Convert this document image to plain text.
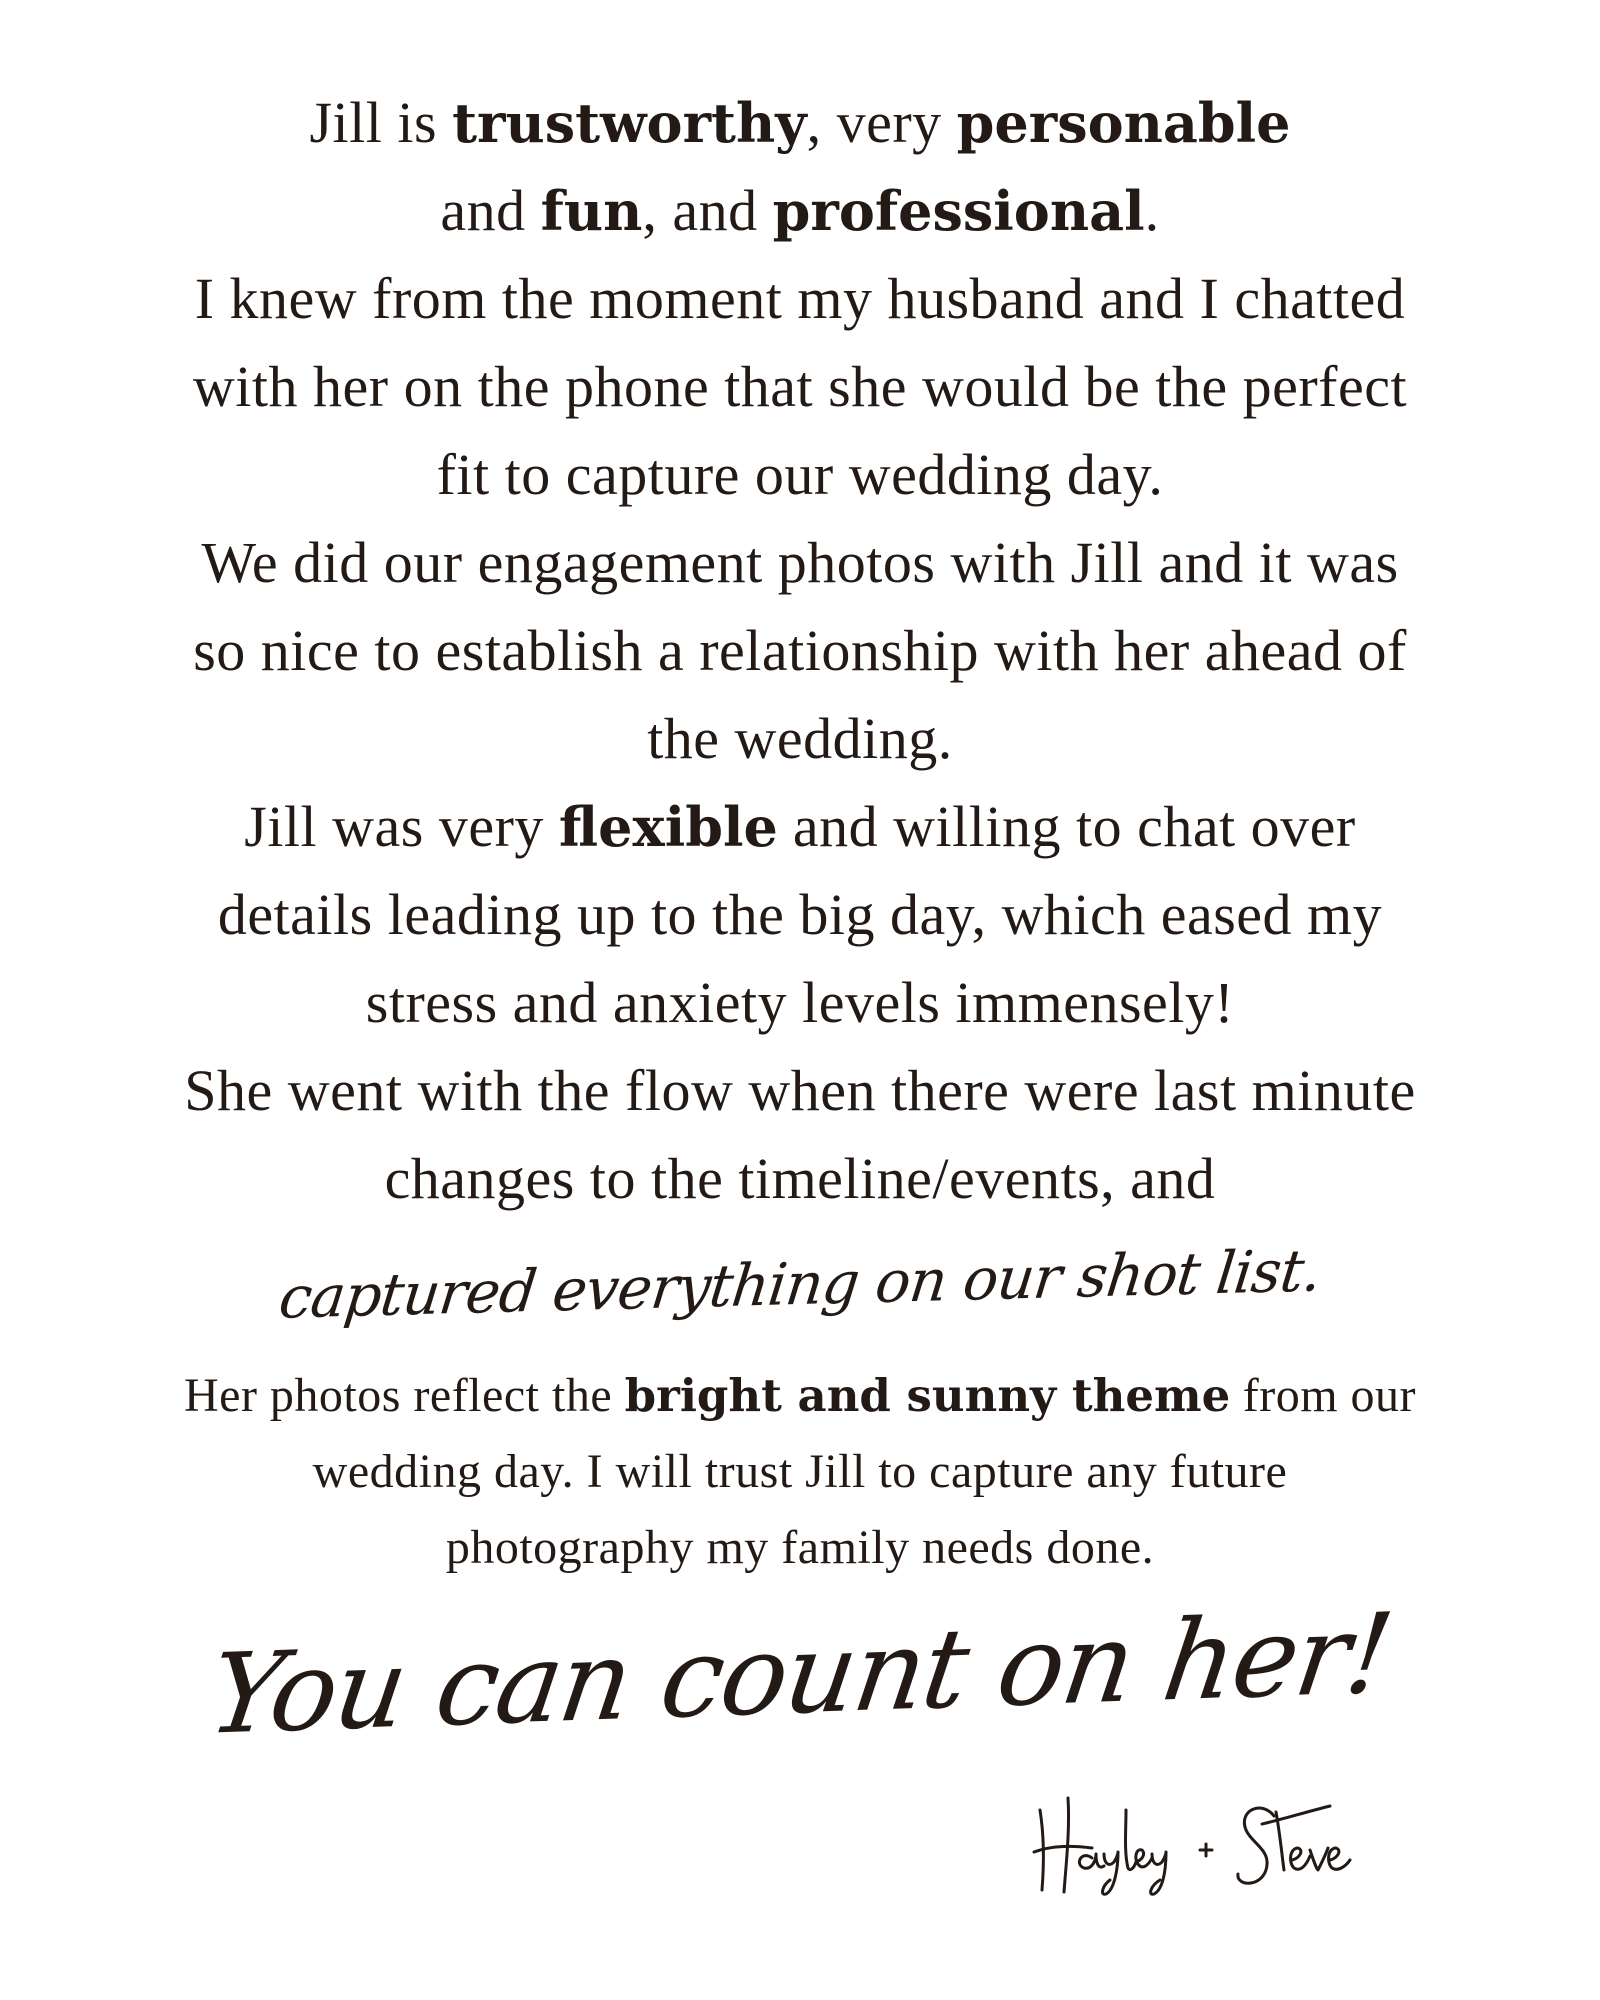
Jill is trustworthy, very personable
and fun, and professional.
I knew from the moment my husband and I chatted
with her on the phone that she would be the perfect
fit to capture our wedding day.
We did our engagement photos with Jill and it was
so nice to establish a relationship with her ahead of
the wedding.
Jill was very flexible and willing to chat over
details leading up to the big day, which eased my
stress and anxiety levels immensely!
She went with the flow when there were last minute
changes to the timeline/events, and
captured everything on our shot list.
Her photos reflect the bright and sunny theme from our
wedding day. I will trust Jill to capture any future
photography my family needs done.
You can count on her!
